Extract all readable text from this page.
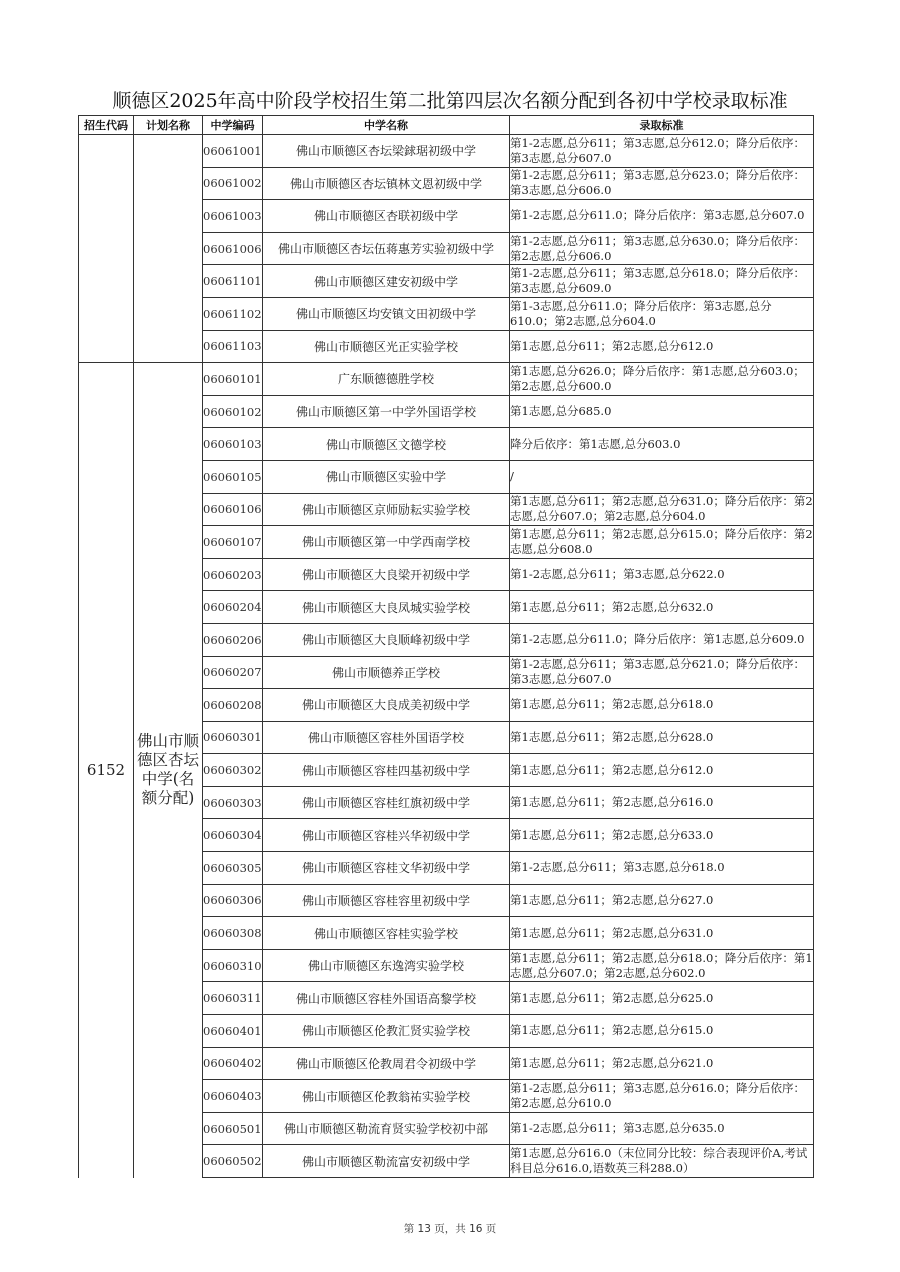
顺德区2025年高中阶段学校招生第二批第四层次名额分配到各初中学校录取标准
招生代码	计划名称	中学编码	中学名称	录取标准
		06061001	佛山市顺德区杏坛梁銶琚初级中学	第1-2志愿,总分611；第3志愿,总分612.0；降分后依序：第3志愿,总分607.0
		06061002	佛山市顺德区杏坛镇林文恩初级中学	第1-2志愿,总分611；第3志愿,总分623.0；降分后依序：第3志愿,总分606.0
		06061003	佛山市顺德区杏联初级中学	第1-2志愿,总分611.0；降分后依序：第3志愿,总分607.0
		06061006	佛山市顺德区杏坛伍蒋惠芳实验初级中学	第1-2志愿,总分611；第3志愿,总分630.0；降分后依序：第2志愿,总分606.0
		06061101	佛山市顺德区建安初级中学	第1-2志愿,总分611；第3志愿,总分618.0；降分后依序：第3志愿,总分609.0
		06061102	佛山市顺德区均安镇文田初级中学	第1-3志愿,总分611.0；降分后依序：第3志愿,总分610.0；第2志愿,总分604.0
		06061103	佛山市顺德区光正实验学校	第1志愿,总分611；第2志愿,总分612.0
6152	佛山市顺德区杏坛中学(名额分配)	06060101	广东顺德德胜学校	第1志愿,总分626.0；降分后依序：第1志愿,总分603.0；第2志愿,总分600.0
		06060102	佛山市顺德区第一中学外国语学校	第1志愿,总分685.0
		06060103	佛山市顺德区文德学校	降分后依序：第1志愿,总分603.0
		06060105	佛山市顺德区实验中学	/
		06060106	佛山市顺德区京师励耘实验学校	第1志愿,总分611；第2志愿,总分631.0；降分后依序：第2志愿,总分607.0；第2志愿,总分604.0
		06060107	佛山市顺德区第一中学西南学校	第1志愿,总分611；第2志愿,总分615.0；降分后依序：第2志愿,总分608.0
		06060203	佛山市顺德区大良梁开初级中学	第1-2志愿,总分611；第3志愿,总分622.0
		06060204	佛山市顺德区大良凤城实验学校	第1志愿,总分611；第2志愿,总分632.0
		06060206	佛山市顺德区大良顺峰初级中学	第1-2志愿,总分611.0；降分后依序：第1志愿,总分609.0
		06060207	佛山市顺德养正学校	第1-2志愿,总分611；第3志愿,总分621.0；降分后依序：第3志愿,总分607.0
		06060208	佛山市顺德区大良成美初级中学	第1志愿,总分611；第2志愿,总分618.0
		06060301	佛山市顺德区容桂外国语学校	第1志愿,总分611；第2志愿,总分628.0
		06060302	佛山市顺德区容桂四基初级中学	第1志愿,总分611；第2志愿,总分612.0
		06060303	佛山市顺德区容桂红旗初级中学	第1志愿,总分611；第2志愿,总分616.0
		06060304	佛山市顺德区容桂兴华初级中学	第1志愿,总分611；第2志愿,总分633.0
		06060305	佛山市顺德区容桂文华初级中学	第1-2志愿,总分611；第3志愿,总分618.0
		06060306	佛山市顺德区容桂容里初级中学	第1志愿,总分611；第2志愿,总分627.0
		06060308	佛山市顺德区容桂实验学校	第1志愿,总分611；第2志愿,总分631.0
		06060310	佛山市顺德区东逸湾实验学校	第1志愿,总分611；第2志愿,总分618.0；降分后依序：第1志愿,总分607.0；第2志愿,总分602.0
		06060311	佛山市顺德区容桂外国语高黎学校	第1志愿,总分611；第2志愿,总分625.0
		06060401	佛山市顺德区伦教汇贤实验学校	第1志愿,总分611；第2志愿,总分615.0
		06060402	佛山市顺德区伦教周君令初级中学	第1志愿,总分611；第2志愿,总分621.0
		06060403	佛山市顺德区伦教翁祐实验学校	第1-2志愿,总分611；第3志愿,总分616.0；降分后依序：第2志愿,总分610.0
		06060501	佛山市顺德区勒流育贤实验学校初中部	第1-2志愿,总分611；第3志愿,总分635.0
		06060502	佛山市顺德区勒流富安初级中学	第1志愿,总分616.0（末位同分比较：综合表现评价A,考试科目总分616.0,语数英三科288.0）
第 13 页，共 16 页
